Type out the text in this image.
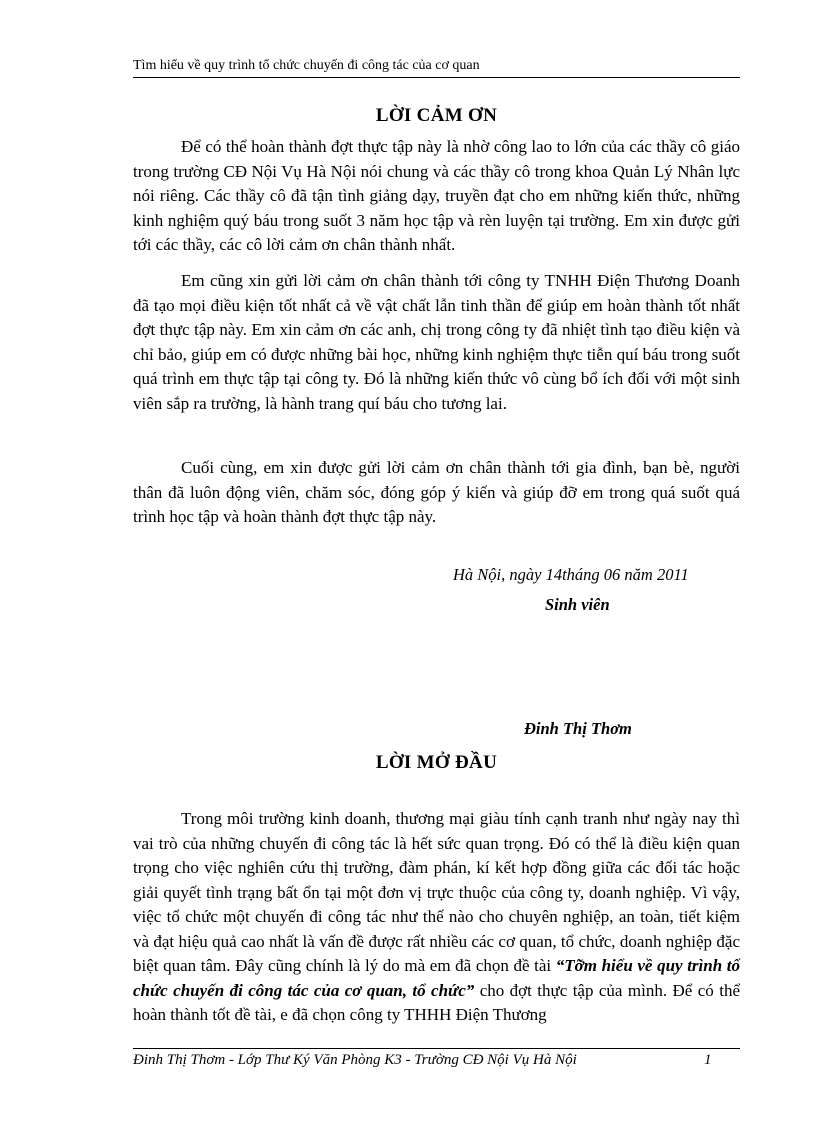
Tìm hiểu về quy trình tổ chức chuyến đi công tác của cơ quan
LỜI CẢM ƠN

Để có thể hoàn thành đợt thực tập này là nhờ công lao to lớn của các thầy cô giáo trong trường CĐ Nội Vụ Hà Nội nói chung và các thầy cô trong khoa Quản Lý Nhân lực nói riêng. Các thầy cô đã tận tình giảng dạy, truyền đạt cho em những kiến thức, những kinh nghiệm quý báu trong suốt 3 năm học tập và rèn luyện tại trường. Em xin được gửi tới các thầy, các cô lời cảm ơn chân thành nhất.

Em cũng xin gửi lời cảm ơn chân thành tới công ty TNHH Điện Thương Doanh đã tạo mọi điều kiện tốt nhất cả về vật chất lẫn tinh thần để giúp em hoàn thành tốt nhất đợt thực tập này. Em xin cảm ơn các anh, chị trong công ty đã nhiệt tình tạo điều kiện và chỉ bảo, giúp em có được những bài học, những kinh nghiệm thực tiễn quí báu trong suốt quá trình em thực tập tại công ty. Đó là những kiến thức vô cùng bổ ích đối với một sinh viên sắp ra trường, là hành trang quí báu cho tương lai.

Cuối cùng, em xin được gửi lời cảm ơn chân thành tới gia đình, bạn bè, người thân đã luôn động viên, chăm sóc, đóng góp ý kiến và giúp đỡ em trong quá suốt quá trình học tập và hoàn thành đợt thực tập này.

Hà Nội, ngày 14tháng 06 năm 2011
Sinh viên
Đinh Thị Thơm
LỜI MỞ ĐẦU

Trong môi trường kinh doanh, thương mại giàu tính cạnh tranh như ngày nay thì vai trò của những chuyến đi công tác là hết sức quan trọng. Đó có thể là điều kiện quan trọng cho việc nghiên cứu thị trường, đàm phán, kí kết hợp đồng giữa các đối tác hoặc giải quyết tình trạng bất ổn tại một đơn vị trực thuộc của công ty, doanh nghiệp. Vì vậy, việc tổ chức một chuyến đi công tác như thế nào cho chuyên nghiệp, an toàn, tiết kiệm và đạt hiệu quả cao nhất là vấn đề được rất nhiều các cơ quan, tổ chức, doanh nghiệp đặc biệt quan tâm. Đây cũng chính là lý do mà em đã chọn đề tài “Tỡm hiểu về quy trình tổ chức chuyến đi công tác của cơ quan, tổ chức” cho đợt thực tập của mình. Để có thể hoàn thành tốt đề tài, e đã chọn công ty THHH Điện Thương

Đinh Thị Thơm - Lớp Thư Ký Văn Phòng K3 - Trường CĐ Nội Vụ Hà Nội	1
